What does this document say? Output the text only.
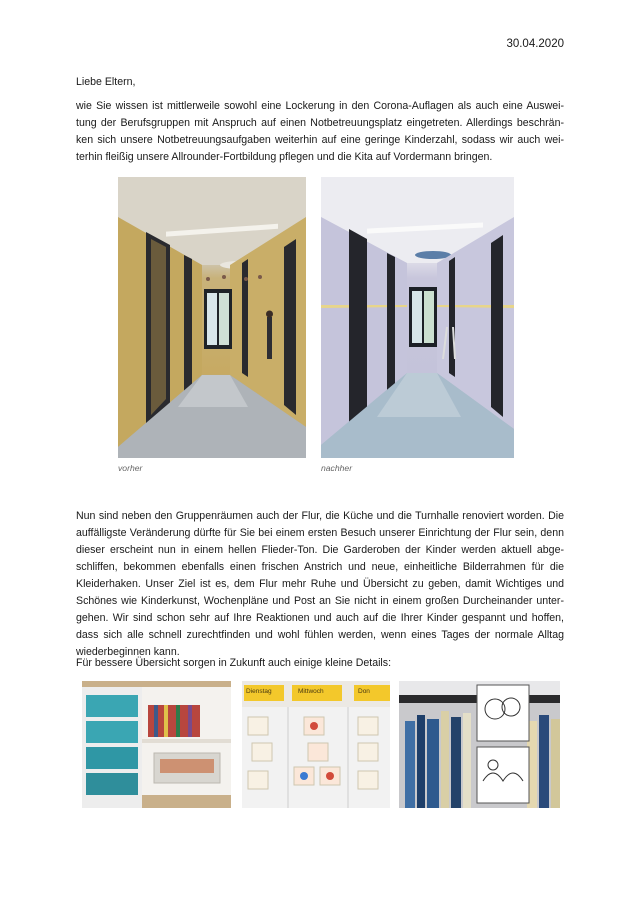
30.04.2020
Liebe Eltern,
wie Sie wissen ist mittlerweile sowohl eine Lockerung in den Corona-Auflagen als auch eine Auswei-tung der Berufsgruppen mit Anspruch auf einen Notbetreuungsplatz eingetreten. Allerdings beschrän-ken sich unsere Notbetreuungsaufgaben weiterhin auf eine geringe Kinderzahl, sodass wir auch wei-terhin fleißig unsere Allrounder-Fortbildung pflegen und die Kita auf Vordermann bringen.
vorher	nachher
Nun sind neben den Gruppenräumen auch der Flur, die Küche und die Turnhalle renoviert worden. Die auffälligste Veränderung dürfte für Sie bei einem ersten Besuch unserer Einrichtung der Flur sein, denn dieser erscheint nun in einem hellen Flieder-Ton. Die Garderoben der Kinder werden aktuell abge-schliffen, bekommen ebenfalls einen frischen Anstrich und neue, einheitliche Bilderrahmen für die Kleiderhaken. Unser Ziel ist es, dem Flur mehr Ruhe und Übersicht zu geben, damit Wichtiges und Schönes wie Kinderkunst, Wochenpläne und Post an Sie nicht in einem großen Durcheinander unter-gehen. Wir sind schon sehr auf Ihre Reaktionen und auch auf die Ihrer Kinder gespannt und hoffen, dass sich alle schnell zurechtfinden und wohl fühlen werden, wenn eines Tages der normale Alltag wiederbeginnen kann.
Für bessere Übersicht sorgen in Zukunft auch einige kleine Details:
Dienstag	Mittwoch	Don
